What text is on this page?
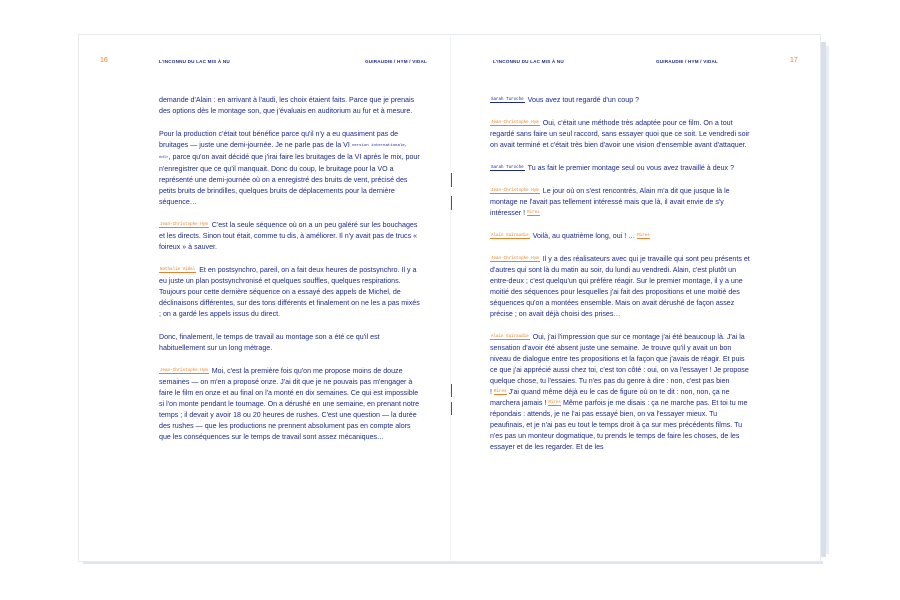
16	L'INCONNU DU LAC MIS À NU	GUIRAUDIE / HYM / VIDAL

demande d'Alain : en arrivant à l'audi, les choix étaient faits. Parce que je prenais des options dès le montage son, que j'évaluais en auditorium au fur et à mesure.

Pour la production c'était tout bénéfice parce qu'il n'y a eu quasiment pas de bruitages — juste une demi-journée. Je ne parle pas de la VI version internationale, ndlr, parce qu'on avait décidé que j'irai faire les bruitages de la VI après le mix, pour n'enregistrer que ce qu'il manquait. Donc du coup, le bruitage pour la VO a représenté une demi-journée où on a enregistré des bruits de vent, précisé des petits bruits de brindilles, quelques bruits de déplacements pour la dernière séquence…

$^{Jean-Christophe Hym}$ C'est la seule séquence où on a un peu galéré sur les bouchages et les directs. Sinon tout était, comme tu dis, à améliorer. Il n'y avait pas de trucs « foireux » à sauver.

$^{Nathalie Vidal}$ Et en postsynchro, pareil, on a fait deux heures de postsynchro. Il y a eu juste un plan postsynchronisé et quelques souffles, quelques respirations. Toujours pour cette dernière séquence on a essayé des appels de Michel, de déclinaisons différentes, sur des tons différents et finalement on ne les a pas mixés ; on a gardé les appels issus du direct.

Donc, finalement, le temps de travail au montage son a été ce qu'il est habituellement sur un long métrage.

$^{Jean-Christophe Hym}$ Moi, c'est la première fois qu'on me propose moins de douze semaines — on m'en a proposé onze. J'ai dit que je ne pouvais pas m'engager à faire le film en onze et au final on l'a monté en dix semaines. Ce qui est impossible si l'on monte pendant le tournage. On a dérushé en une semaine, en prenant notre temps ; il devait y avoir 18 ou 20 heures de rushes. C'est une question — la durée des rushes — que les productions ne prennent absolument pas en compte alors que les conséquences sur le temps de travail sont assez mécaniques…

L'INCONNU DU LAC MIS À NU	GUIRAUDIE / HYM / VIDAL	17

$^{Sarah Turoche}$ Vous avez tout regardé d'un coup ?

$^{Jean-Christophe Hym}$ Oui, c'était une méthode très adaptée pour ce film. On a tout regardé sans faire un seul raccord, sans essayer quoi que ce soit. Le vendredi soir on avait terminé et c'était très bien d'avoir une vision d'ensemble avant d'attaquer.

$^{Sarah Turoche}$ Tu as fait le premier montage seul ou vous avez travaillé à deux ?

$^{Jean-Christophe Hym}$ Le jour où on s'est rencontrés, Alain m'a dit que jusque là le montage ne l'avait pas tellement intéressé mais que là, il avait envie de s'y intéresser ! $^{Rires}$

$^{Alain Guiraudie}$ Voilà, au quatrième long, oui ! … $^{Rires}$

$^{Jean-Christophe Hym}$ Il y a des réalisateurs avec qui je travaille qui sont peu présents et d'autres qui sont là du matin au soir, du lundi au vendredi. Alain, c'est plutôt un entre-deux ; c'est quelqu'un qui préfère réagir. Sur le premier montage, il y a une moitié des séquences pour lesquelles j'ai fait des propositions et une moitié des séquences qu'on a montées ensemble. Mais on avait dérushé de façon assez précise ; on avait déjà choisi des prises…

$^{Alain Guiraudie}$ Oui, j'ai l'impression que sur ce montage j'ai été beaucoup là. J'ai la sensation d'avoir été absent juste une semaine. Je trouve qu'il y avait un bon niveau de dialogue entre tes propositions et la façon que j'avais de réagir. Et puis ce que j'ai apprécié aussi chez toi, c'est ton côté : oui, on va l'essayer ! Je propose quelque chose, tu l'essaies. Tu n'es pas du genre à dire : non, c'est pas bien ! $^{Rires}$ J'ai quand même déjà eu le cas de figure où on te dit : non, non, ça ne marchera jamais ! $^{Rires}$ Même parfois je me disais : ça ne marche pas. Et toi tu me répondais : attends, je ne l'ai pas essayé bien, on va l'essayer mieux. Tu peaufinais, et je n'ai pas eu tout le temps droit à ça sur mes précédents films. Tu n'es pas un monteur dogmatique, tu prends le temps de faire les choses, de les essayer et de les regarder. Et de les
